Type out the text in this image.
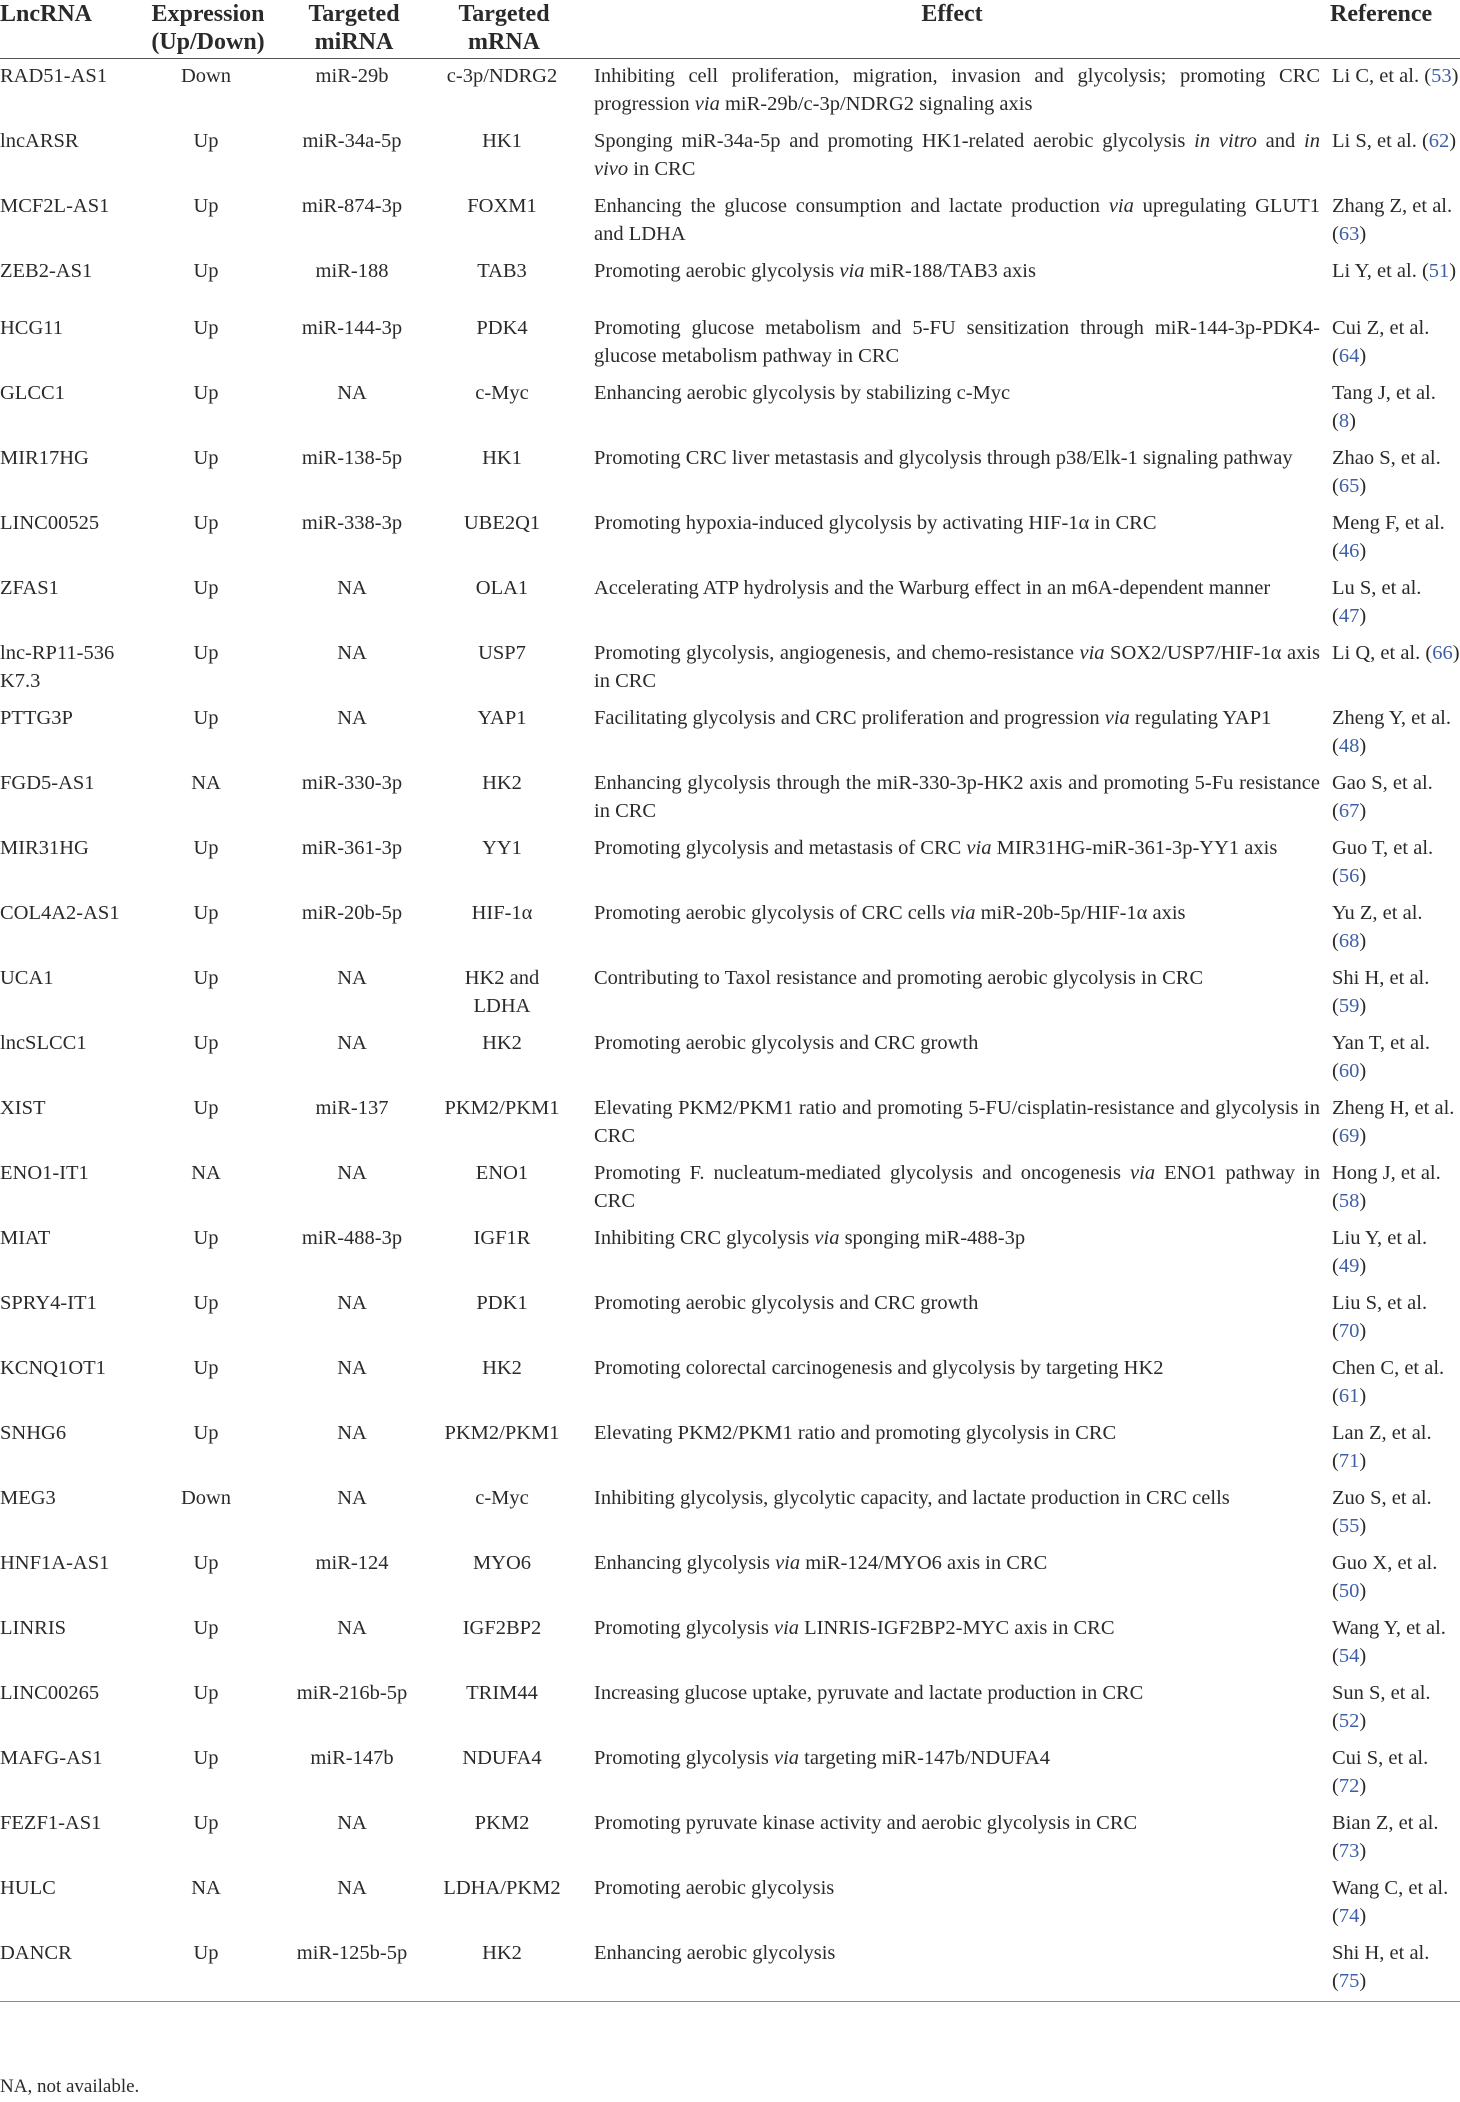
LncRNA	Expression (Up/Down)	Targeted miRNA	Targeted mRNA	Effect	Reference
RAD51-AS1	Down	miR-29b	c-3p/NDRG2	Inhibiting cell proliferation, migration, invasion and glycolysis; promoting CRC progression via miR-29b/c-3p/NDRG2 signaling axis	Li C, et al. (53)
lncARSR	Up	miR-34a-5p	HK1	Sponging miR-34a-5p and promoting HK1-related aerobic glycolysis in vitro and in vivo in CRC	Li S, et al. (62)
MCF2L-AS1	Up	miR-874-3p	FOXM1	Enhancing the glucose consumption and lactate production via upregulating GLUT1 and LDHA	Zhang Z, et al. (63)
ZEB2-AS1	Up	miR-188	TAB3	Promoting aerobic glycolysis via miR-188/TAB3 axis	Li Y, et al. (51)
HCG11	Up	miR-144-3p	PDK4	Promoting glucose metabolism and 5-FU sensitization through miR-144-3p-PDK4-glucose metabolism pathway in CRC	Cui Z, et al. (64)
GLCC1	Up	NA	c-Myc	Enhancing aerobic glycolysis by stabilizing c-Myc	Tang J, et al. (8)
MIR17HG	Up	miR-138-5p	HK1	Promoting CRC liver metastasis and glycolysis through p38/Elk-1 signaling pathway	Zhao S, et al. (65)
LINC00525	Up	miR-338-3p	UBE2Q1	Promoting hypoxia-induced glycolysis by activating HIF-1α in CRC	Meng F, et al. (46)
ZFAS1	Up	NA	OLA1	Accelerating ATP hydrolysis and the Warburg effect in an m6A-dependent manner	Lu S, et al. (47)
lnc-RP11-536 K7.3	Up	NA	USP7	Promoting glycolysis, angiogenesis, and chemo-resistance via SOX2/USP7/HIF-1α axis in CRC	Li Q, et al. (66)
PTTG3P	Up	NA	YAP1	Facilitating glycolysis and CRC proliferation and progression via regulating YAP1	Zheng Y, et al. (48)
FGD5-AS1	NA	miR-330-3p	HK2	Enhancing glycolysis through the miR-330-3p-HK2 axis and promoting 5-Fu resistance in CRC	Gao S, et al. (67)
MIR31HG	Up	miR-361-3p	YY1	Promoting glycolysis and metastasis of CRC via MIR31HG-miR-361-3p-YY1 axis	Guo T, et al. (56)
COL4A2-AS1	Up	miR-20b-5p	HIF-1α	Promoting aerobic glycolysis of CRC cells via miR-20b-5p/HIF-1α axis	Yu Z, et al. (68)
UCA1	Up	NA	HK2 and LDHA	Contributing to Taxol resistance and promoting aerobic glycolysis in CRC	Shi H, et al. (59)
lncSLCC1	Up	NA	HK2	Promoting aerobic glycolysis and CRC growth	Yan T, et al. (60)
XIST	Up	miR-137	PKM2/PKM1	Elevating PKM2/PKM1 ratio and promoting 5-FU/cisplatin-resistance and glycolysis in CRC	Zheng H, et al. (69)
ENO1-IT1	NA	NA	ENO1	Promoting F. nucleatum-mediated glycolysis and oncogenesis via ENO1 pathway in CRC	Hong J, et al. (58)
MIAT	Up	miR-488-3p	IGF1R	Inhibiting CRC glycolysis via sponging miR-488-3p	Liu Y, et al. (49)
SPRY4-IT1	Up	NA	PDK1	Promoting aerobic glycolysis and CRC growth	Liu S, et al. (70)
KCNQ1OT1	Up	NA	HK2	Promoting colorectal carcinogenesis and glycolysis by targeting HK2	Chen C, et al. (61)
SNHG6	Up	NA	PKM2/PKM1	Elevating PKM2/PKM1 ratio and promoting glycolysis in CRC	Lan Z, et al. (71)
MEG3	Down	NA	c-Myc	Inhibiting glycolysis, glycolytic capacity, and lactate production in CRC cells	Zuo S, et al. (55)
HNF1A-AS1	Up	miR-124	MYO6	Enhancing glycolysis via miR-124/MYO6 axis in CRC	Guo X, et al. (50)
LINRIS	Up	NA	IGF2BP2	Promoting glycolysis via LINRIS-IGF2BP2-MYC axis in CRC	Wang Y, et al. (54)
LINC00265	Up	miR-216b-5p	TRIM44	Increasing glucose uptake, pyruvate and lactate production in CRC	Sun S, et al. (52)
MAFG-AS1	Up	miR-147b	NDUFA4	Promoting glycolysis via targeting miR-147b/NDUFA4	Cui S, et al. (72)
FEZF1-AS1	Up	NA	PKM2	Promoting pyruvate kinase activity and aerobic glycolysis in CRC	Bian Z, et al. (73)
HULC	NA	NA	LDHA/PKM2	Promoting aerobic glycolysis	Wang C, et al. (74)
DANCR	Up	miR-125b-5p	HK2	Enhancing aerobic glycolysis	Shi H, et al. (75)
NA, not available.
